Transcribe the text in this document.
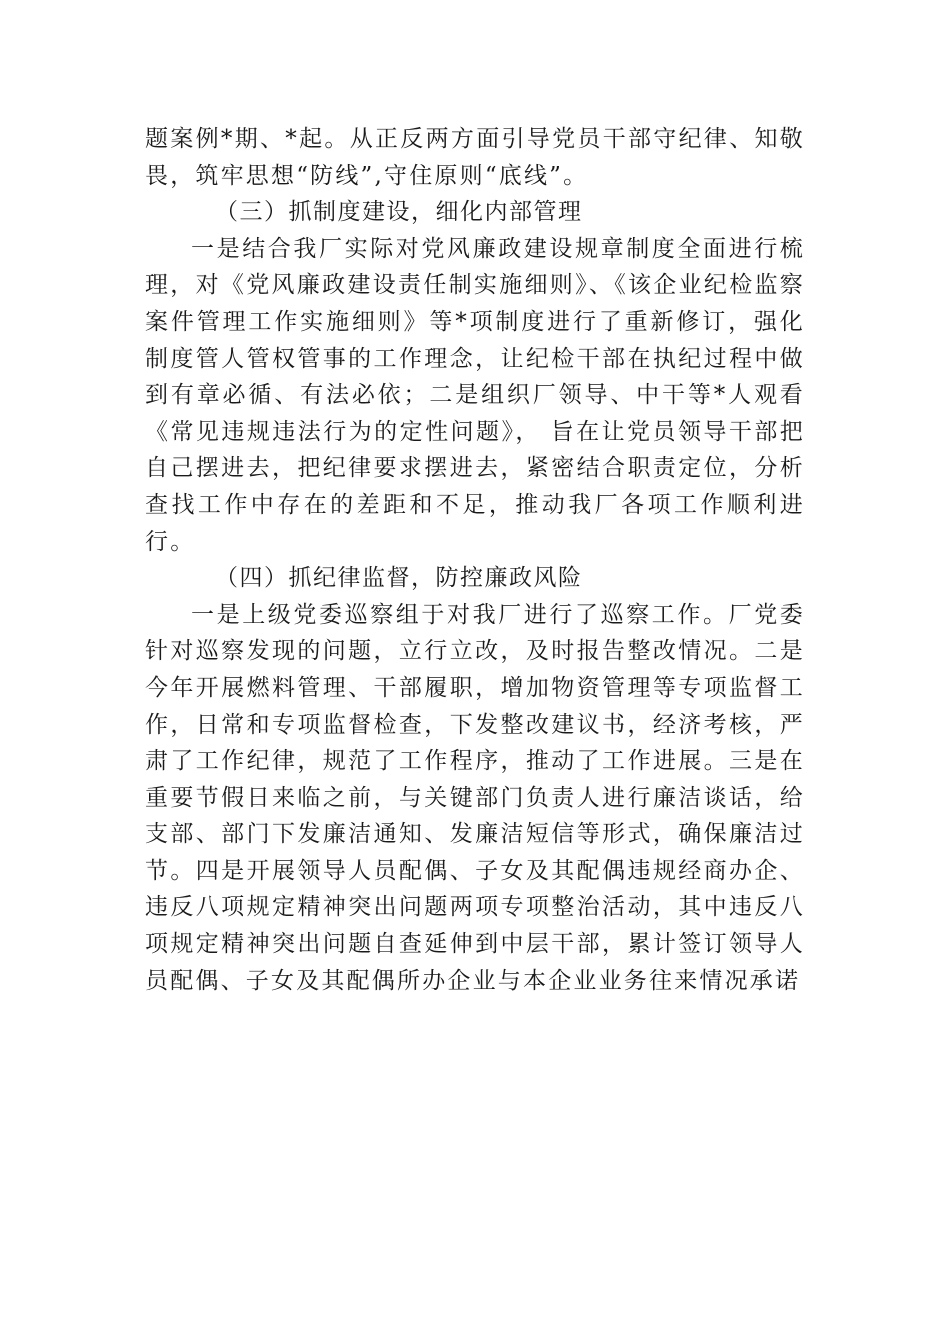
题案例*期、*起。从正反两方面引导党员干部守纪律、知敬畏，筑牢思想“防线”,守住原则“底线”。

（三）抓制度建设，细化内部管理

一是结合我厂实际对党风廉政建设规章制度全面进行梳理，对《党风廉政建设责任制实施细则》、《该企业纪检监察案件管理工作实施细则》等*项制度进行了重新修订，强化制度管人管权管事的工作理念，让纪检干部在执纪过程中做到有章必循、有法必依；二是组织厂领导、中干等*人观看《常见违规违法行为的定性问题》， 旨在让党员领导干部把自己摆进去，把纪律要求摆进去，紧密结合职责定位，分析查找工作中存在的差距和不足，推动我厂各项工作顺利进行。

（四）抓纪律监督，防控廉政风险

一是上级党委巡察组于对我厂进行了巡察工作。厂党委针对巡察发现的问题，立行立改，及时报告整改情况。二是今年开展燃料管理、干部履职，增加物资管理等专项监督工作，日常和专项监督检查，下发整改建议书，经济考核，严肃了工作纪律，规范了工作程序，推动了工作进展。三是在重要节假日来临之前，与关键部门负责人进行廉洁谈话，给支部、部门下发廉洁通知、发廉洁短信等形式，确保廉洁过节。四是开展领导人员配偶、子女及其配偶违规经商办企、违反八项规定精神突出问题两项专项整治活动，其中违反八项规定精神突出问题自查延伸到中层干部，累计签订领导人员配偶、子女及其配偶所办企业与本企业业务往来情况承诺
